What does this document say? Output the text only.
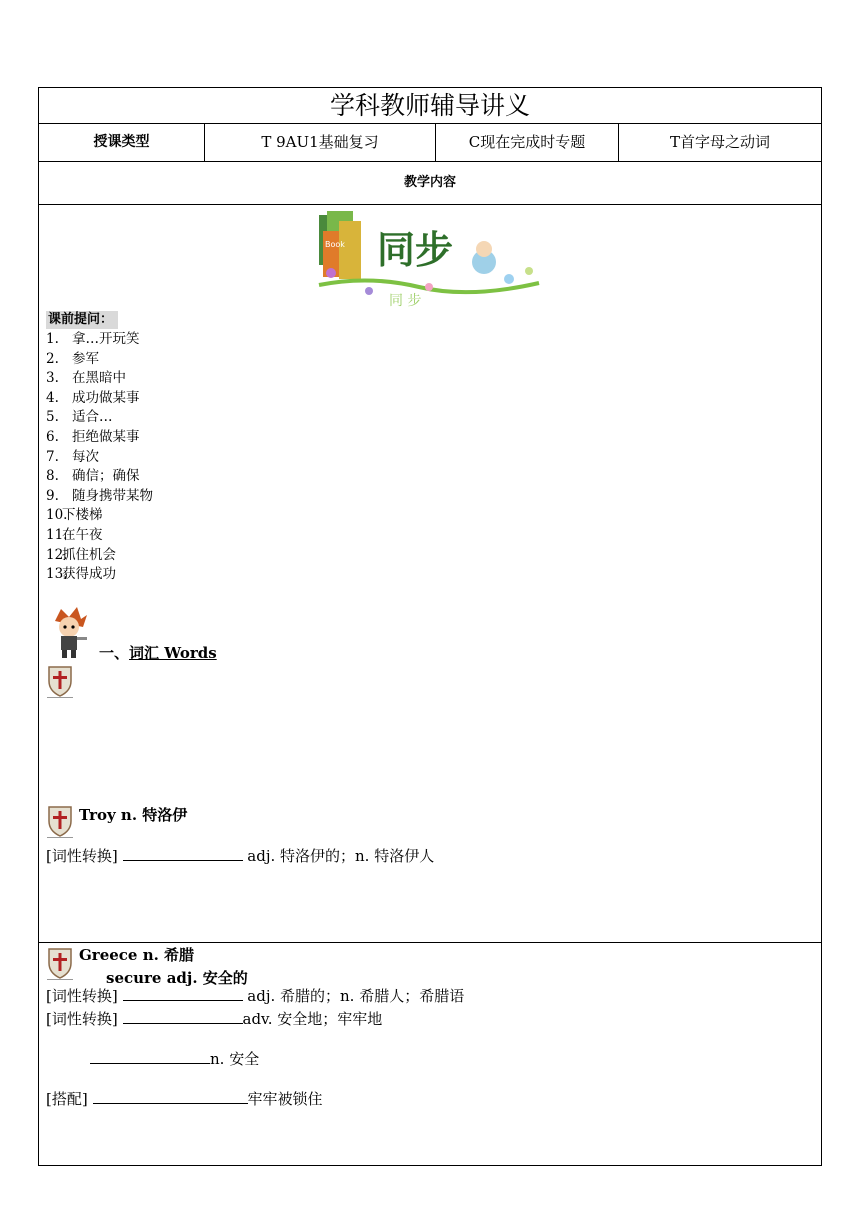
学科教师辅导讲义
授课类型	T 9AU1基础复习	C现在完成时专题	T首字母之动词
教学内容
Book 同步
同 步
课前提问：
1. 拿…开玩笑
2. 参军
3. 在黑暗中
4. 成功做某事
5. 适合…
6. 拒绝做某事
7. 每次
8. 确信；确保
9. 随身携带某物
10.
下楼梯
11.
在午夜
12.
抓住机会
13.
获得成功
一、词汇 Words
Troy n. 特洛伊
[词性转换]	adj. 特洛伊的；n. 特洛伊人
Greece n. 希腊
[词性转换]	adj. 希腊的；n. 希腊人；希腊语
secure adj. 安全的
[词性转换]	adv. 安全地；牢牢地
n. 安全
[搭配]	牢牢被锁住
